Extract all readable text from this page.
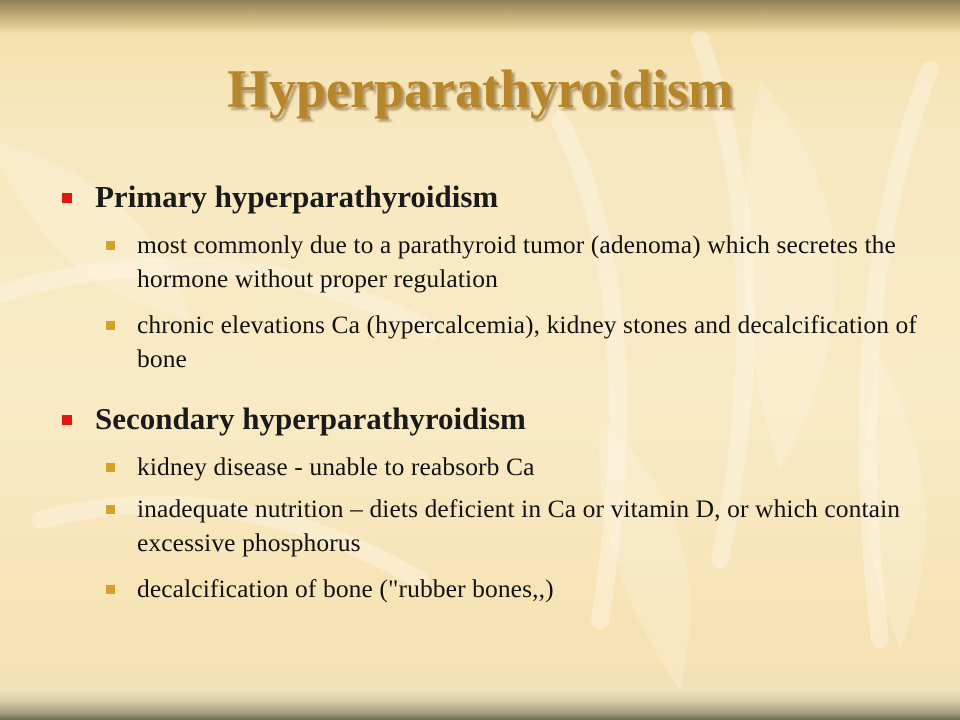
Hyperparathyroidism
Primary hyperparathyroidism
most commonly due to a parathyroid tumor (adenoma) which secretes the hormone without proper regulation
chronic elevations Ca (hypercalcemia), kidney stones and decalcification of bone
Secondary hyperparathyroidism
kidney disease - unable to reabsorb Ca
inadequate nutrition – diets deficient in Ca or vitamin D, or which contain excessive phosphorus
decalcification of bone ("rubber bones,,)
